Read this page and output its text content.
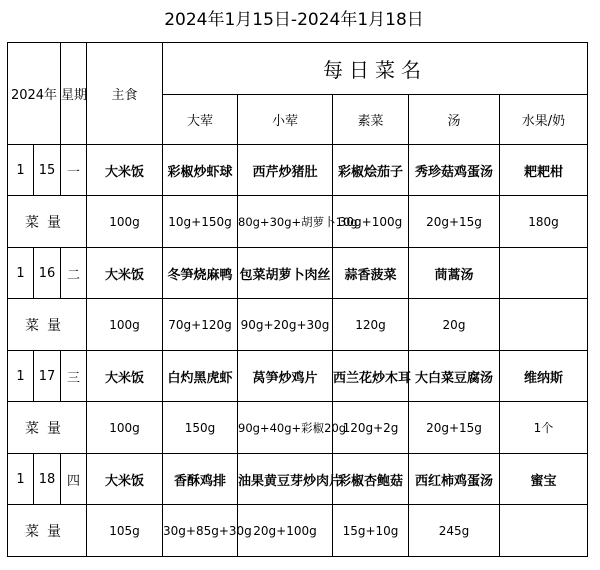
2024年1月15日-2024年1月18日
2024年		星期	主食	每日菜名				
				大荤	小荤	素菜	汤	水果/奶
1	15	一	大米饭	彩椒炒虾球	西芹炒猪肚	彩椒烩茄子	秀珍菇鸡蛋汤	耙耙柑
菜量			100g	10g+150g	80g+30g+胡萝卜10g	30g+100g	20g+15g	180g
1	16	二	大米饭	冬笋烧麻鸭	包菜胡萝卜肉丝	蒜香菠菜	茼蒿汤	
菜量			100g	70g+120g	90g+20g+30g	120g	20g	
1	17	三	大米饭	白灼黑虎虾	莴笋炒鸡片	西兰花炒木耳	大白菜豆腐汤	维纳斯
菜量			100g	150g	90g+40g+彩椒20g	120g+2g	20g+15g	1个
1	18	四	大米饭	香酥鸡排	油果黄豆芽炒肉片	彩椒杏鲍菇	西红柿鸡蛋汤	蜜宝
菜量			105g	30g+85g+30g	20g+100g	15g+10g	245g	
